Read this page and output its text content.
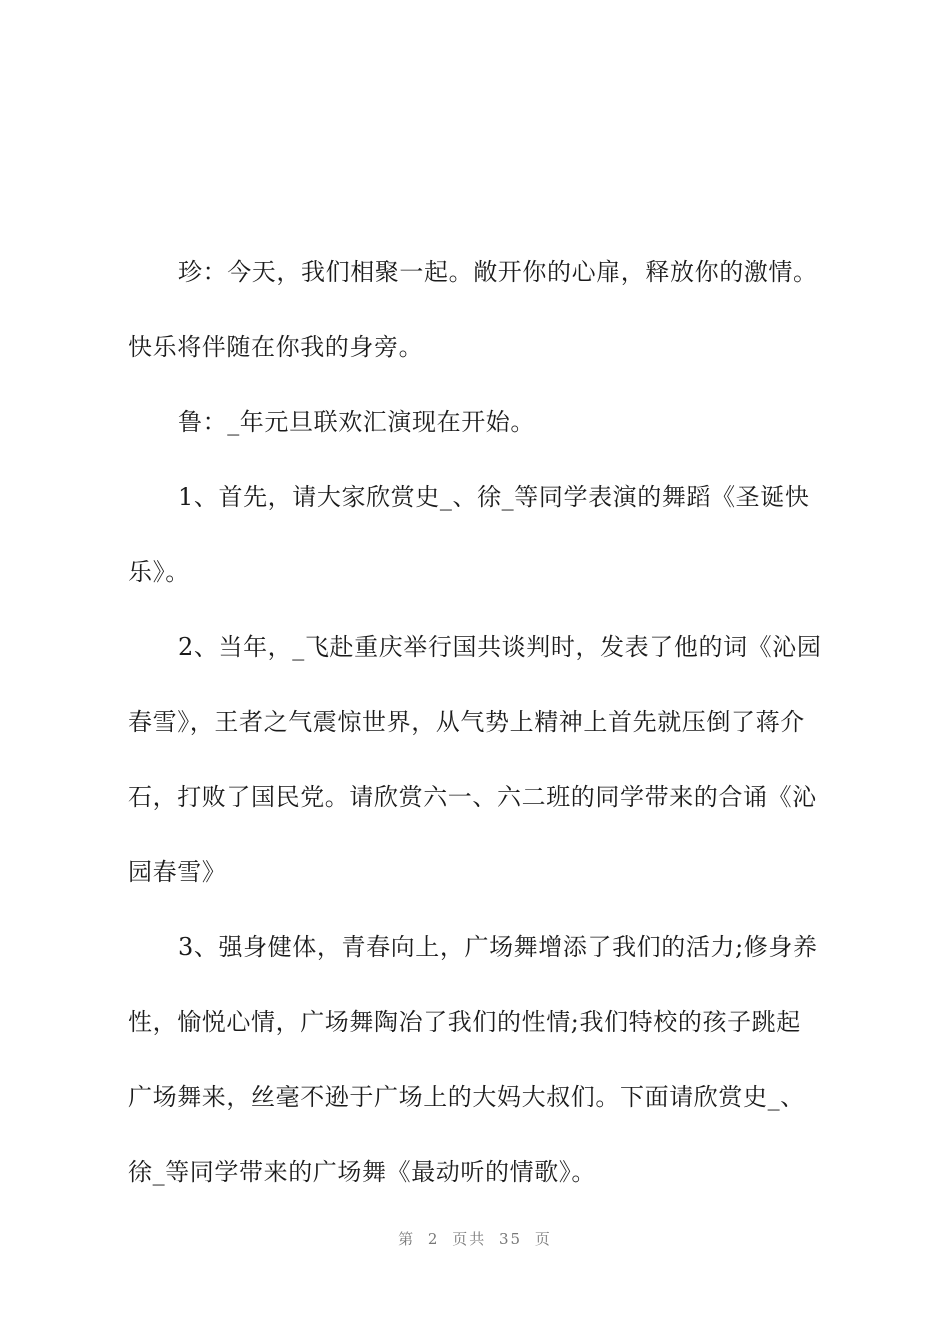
珍：今天，我们相聚一起。敞开你的心扉，释放你的激情。
快乐将伴随在你我的身旁。
鲁：_年元旦联欢汇演现在开始。
1、首先，请大家欣赏史_、徐_等同学表演的舞蹈《圣诞快
乐》。
2、当年，_飞赴重庆举行国共谈判时，发表了他的词《沁园
春雪》，王者之气震惊世界，从气势上精神上首先就压倒了蒋介
石，打败了国民党。请欣赏六一、六二班的同学带来的合诵《沁
园春雪》
3、强身健体，青春向上，广场舞增添了我们的活力;修身养
性，愉悦心情，广场舞陶冶了我们的性情;我们特校的孩子跳起
广场舞来，丝毫不逊于广场上的大妈大叔们。下面请欣赏史_、
徐_等同学带来的广场舞《最动听的情歌》。
第 2 页共 35 页
